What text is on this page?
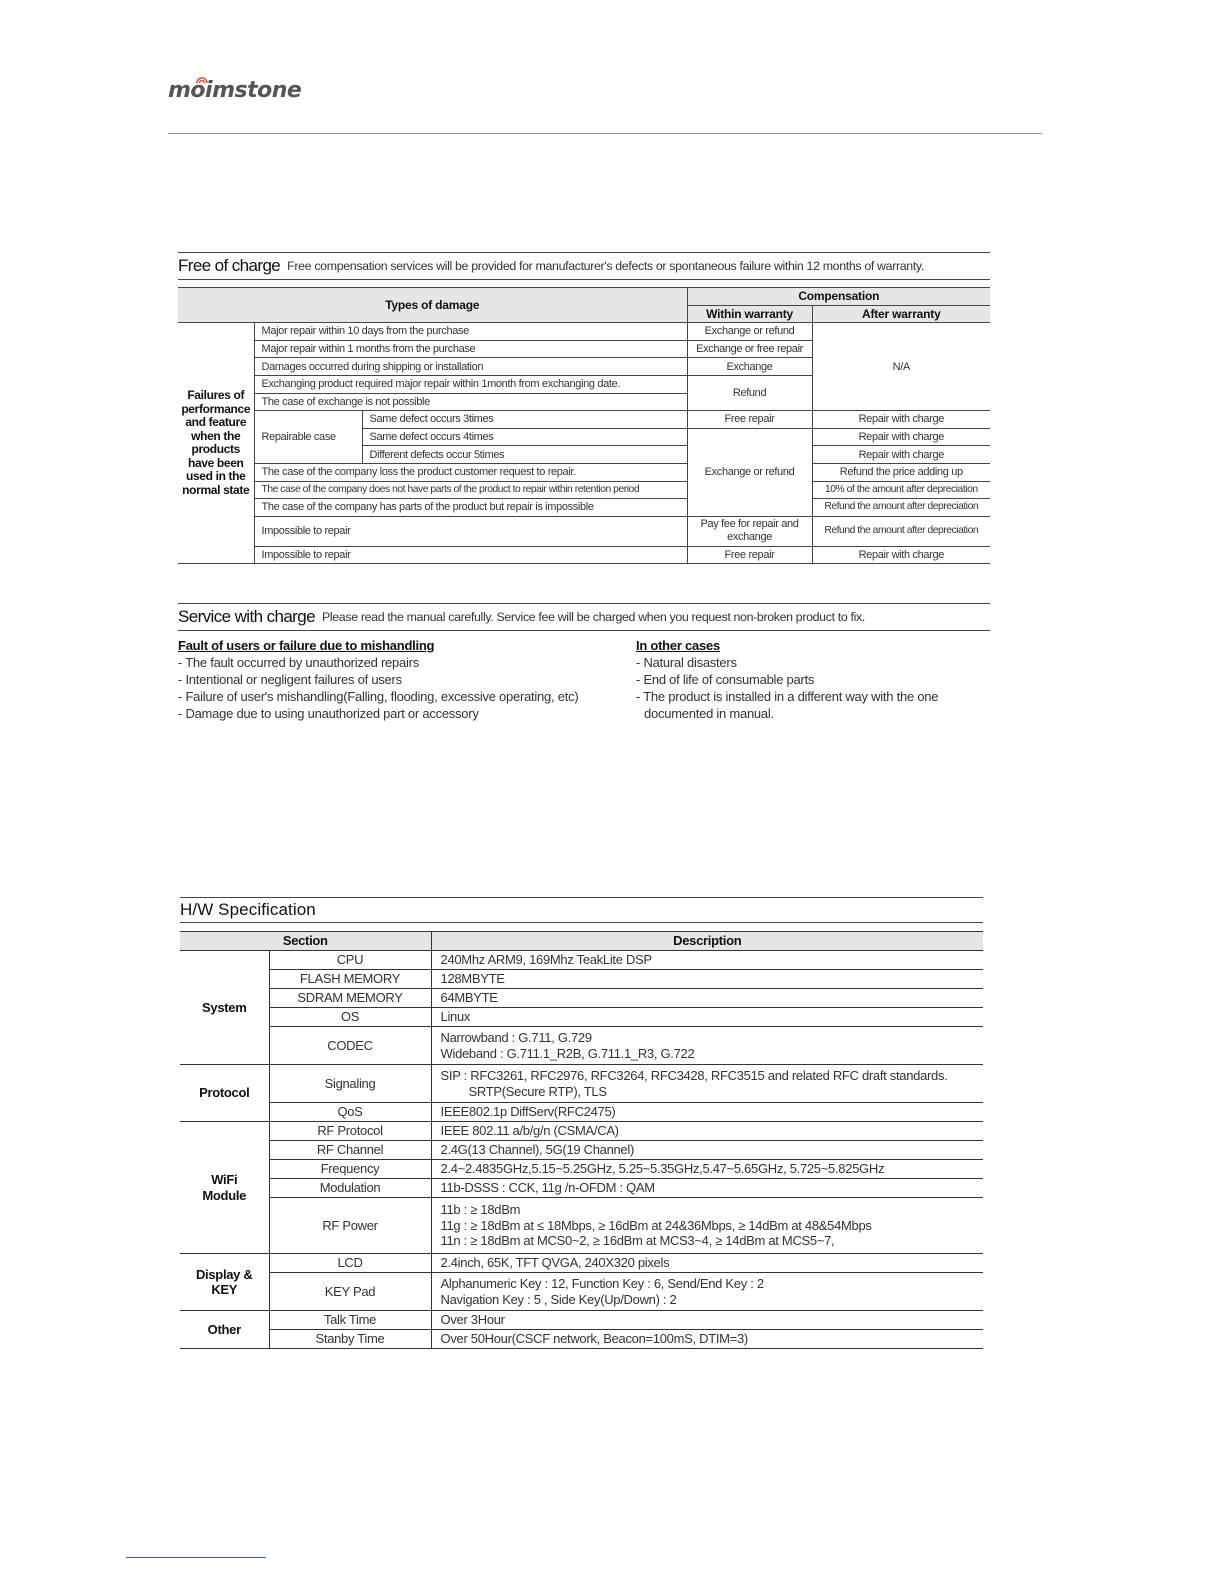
moimstone
Free of charge Free compensation services will be provided for manufacturer's defects or spontaneous failure within 12 months of warranty.
Types of damage			Compensation	
			Within warranty	After warranty
Failures of performance and feature when the products have been used in the normal state	Major repair within 10 days from the purchase		Exchange or refund	N/A
	Major repair within 1 months from the purchase		Exchange or free repair	
	Damages occurred during shipping or installation		Exchange	
	Exchanging product required major repair within 1month from exchanging date.		Refund	
	The case of exchange is not possible			
	Repairable case	Same defect occurs 3times	Free repair	Repair with charge
		Same defect occurs 4times	Exchange or refund	Repair with charge
		Different defects occur 5times		Repair with charge
	The case of the company loss the product customer request to repair.			Refund the price adding up
	The case of the company does not have parts of the product to repair within retention period			10% of the amount after depreciation
	The case of the company has parts of the product but repair is impossible			Refund the amount after depreciation
	Impossible to repair		Pay fee for repair and exchange	Refund the amount after depreciation
	Impossible to repair		Free repair	Repair with charge
Service with charge Please read the manual carefully. Service fee will be charged when you request non-broken product to fix.
Fault of users or failure due to mishandling
- The fault occurred by unauthorized repairs
- Intentional or negligent failures of users
- Failure of user's mishandling(Falling, flooding, excessive operating, etc)
- Damage due to using unauthorized part or accessory
In other cases
- Natural disasters
- End of life of consumable parts
- The product is installed in a different way with the one
documented in manual.
H/W Specification
Section		Description
System	CPU	240Mhz ARM9, 169Mhz TeakLite DSP
	FLASH MEMORY	128MBYTE
	SDRAM MEMORY	64MBYTE
	OS	Linux
	CODEC	Narrowband : G.711, G.729
Wideband : G.711.1_R2B, G.711.1_R3, G.722

Protocol	Signaling	SIP : RFC3261, RFC2976, RFC3264, RFC3428, RFC3515 and related RFC draft standards.
SRTP(Secure RTP), TLS

	QoS	IEEE802.1p DiffServ(RFC2475)
WiFi Module	RF Protocol	IEEE 802.11 a/b/g/n (CSMA/CA)
	RF Channel	2.4G(13 Channel), 5G(19 Channel)
	Frequency	2.4~2.4835GHz,5.15~5.25GHz, 5.25~5.35GHz,5.47~5.65GHz, 5.725~5.825GHz
	Modulation	11b-DSSS : CCK, 11g /n-OFDM : QAM
	RF Power	11b : ≥ 18dBm
11g : ≥ 18dBm at ≤ 18Mbps, ≥ 16dBm at 24&36Mbps, ≥ 14dBm at 48&54Mbps
11n : ≥ 18dBm at MCS0~2, ≥ 16dBm at MCS3~4, ≥ 14dBm at MCS5~7,

Display & KEY	LCD	2.4inch, 65K, TFT QVGA, 240X320 pixels
	KEY Pad	Alphanumeric Key : 12, Function Key : 6, Send/End Key : 2
Navigation Key : 5 , Side Key(Up/Down) : 2

Other	Talk Time	Over 3Hour
	Stanby Time	Over 50Hour(CSCF network, Beacon=100mS, DTIM=3)
